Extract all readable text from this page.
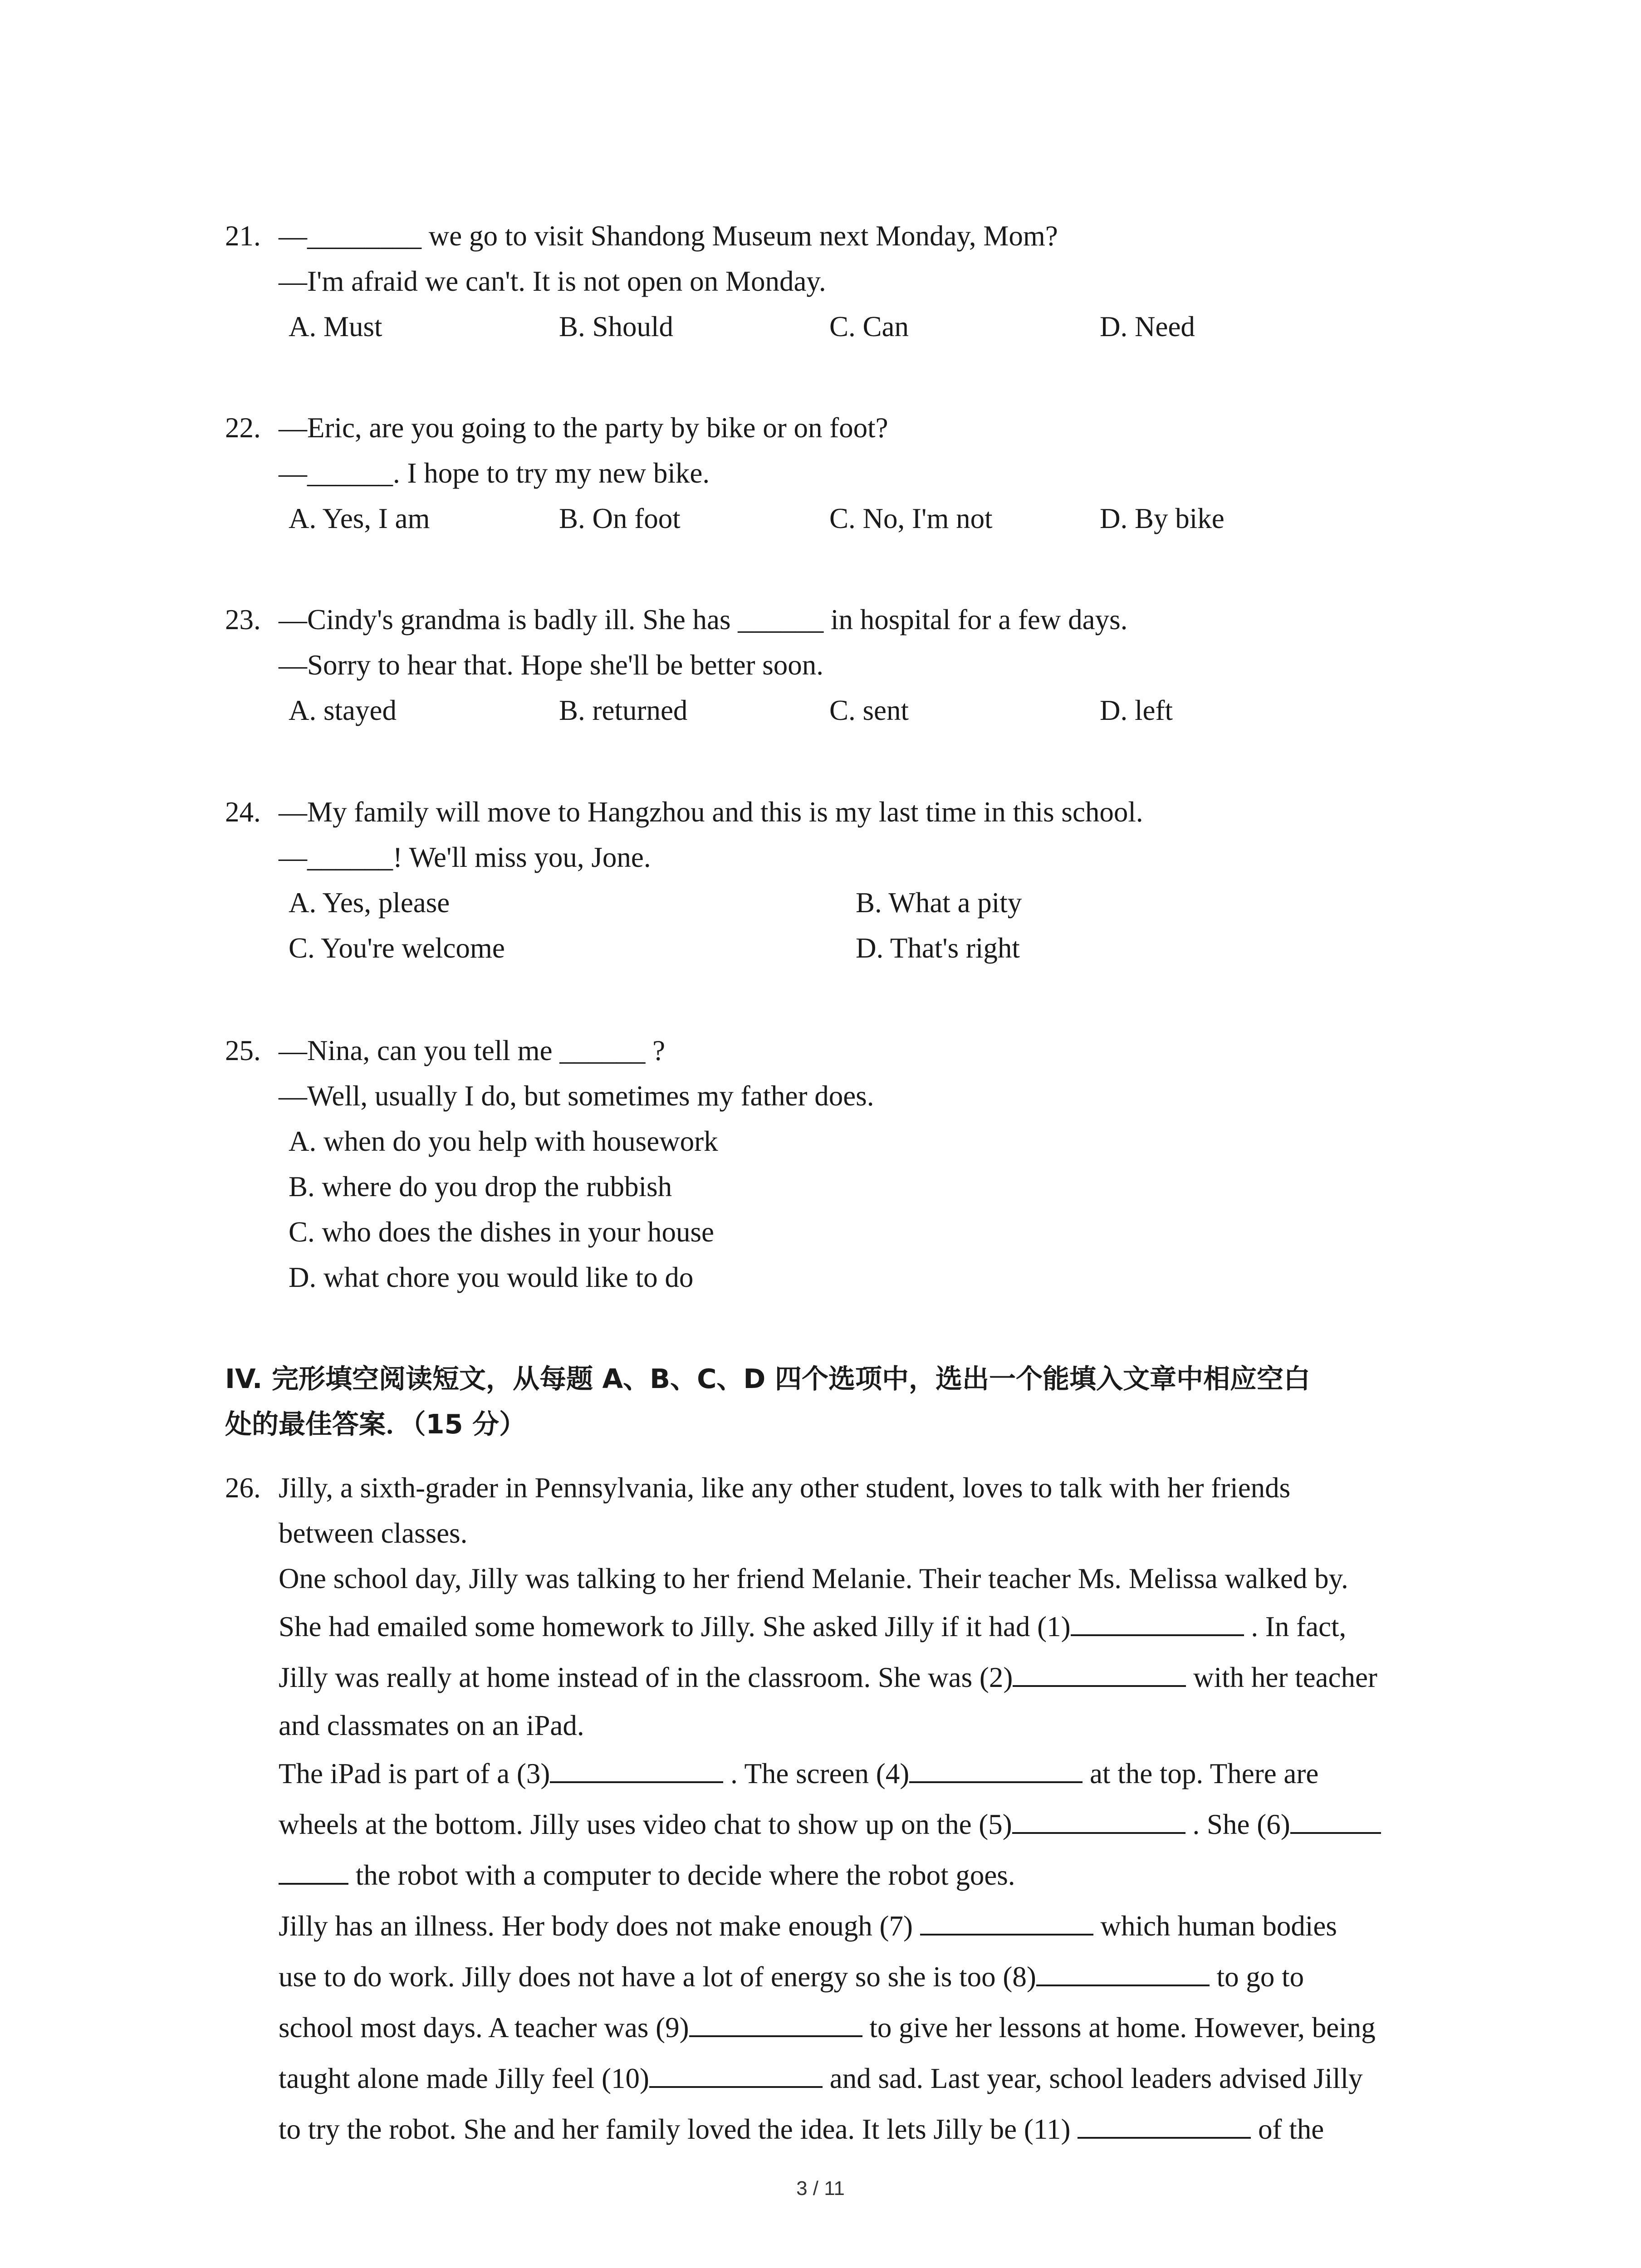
21. —________ we go to visit Shandong Museum next Monday, Mom?
—I'm afraid we can't. It is not open on Monday.
A. Must	B. Should	C. Can	D. Need
22. —Eric, are you going to the party by bike or on foot?
—______. I hope to try my new bike.
A. Yes, I am	B. On foot	C. No, I'm not	D. By bike
23. —Cindy's grandma is badly ill. She has ______ in hospital for a few days.
—Sorry to hear that. Hope she'll be better soon.
A. stayed	B. returned	C. sent	D. left
24. —My family will move to Hangzhou and this is my last time in this school.
—______! We'll miss you, Jone.
A. Yes, please	B. What a pity
C. You're welcome	D. That's right
25. —Nina, can you tell me ______ ?
—Well, usually I do, but sometimes my father does.
A. when do you help with housework
B. where do you drop the rubbish
C. who does the dishes in your house
D. what chore you would like to do
IV. 完形填空阅读短文，从每题 A、B、C、D 四个选项中，选出一个能填入文章中相应空白
处的最佳答案．（15 分）
26. Jilly, a sixth-grader in Pennsylvania, like any other student, loves to talk with her friends
between classes.
One school day, Jilly was talking to her friend Melanie. Their teacher Ms. Melissa walked by.
She had emailed some homework to Jilly. She asked Jilly if it had (1)	. In fact,
Jilly was really at home instead of in the classroom. She was (2)	with her teacher
and classmates on an iPad.
The iPad is part of a (3)	. The screen (4)	at the top. There are
wheels at the bottom. Jilly uses video chat to show up on the (5)	. She (6)
the robot with a computer to decide where the robot goes.
Jilly has an illness. Her body does not make enough (7)	which human bodies
use to do work. Jilly does not have a lot of energy so she is too (8)	to go to
school most days. A teacher was (9)	to give her lessons at home. However, being
taught alone made Jilly feel (10)	and sad. Last year, school leaders advised Jilly
to try the robot. She and her family loved the idea. It lets Jilly be (11)	of the
3 / 11
